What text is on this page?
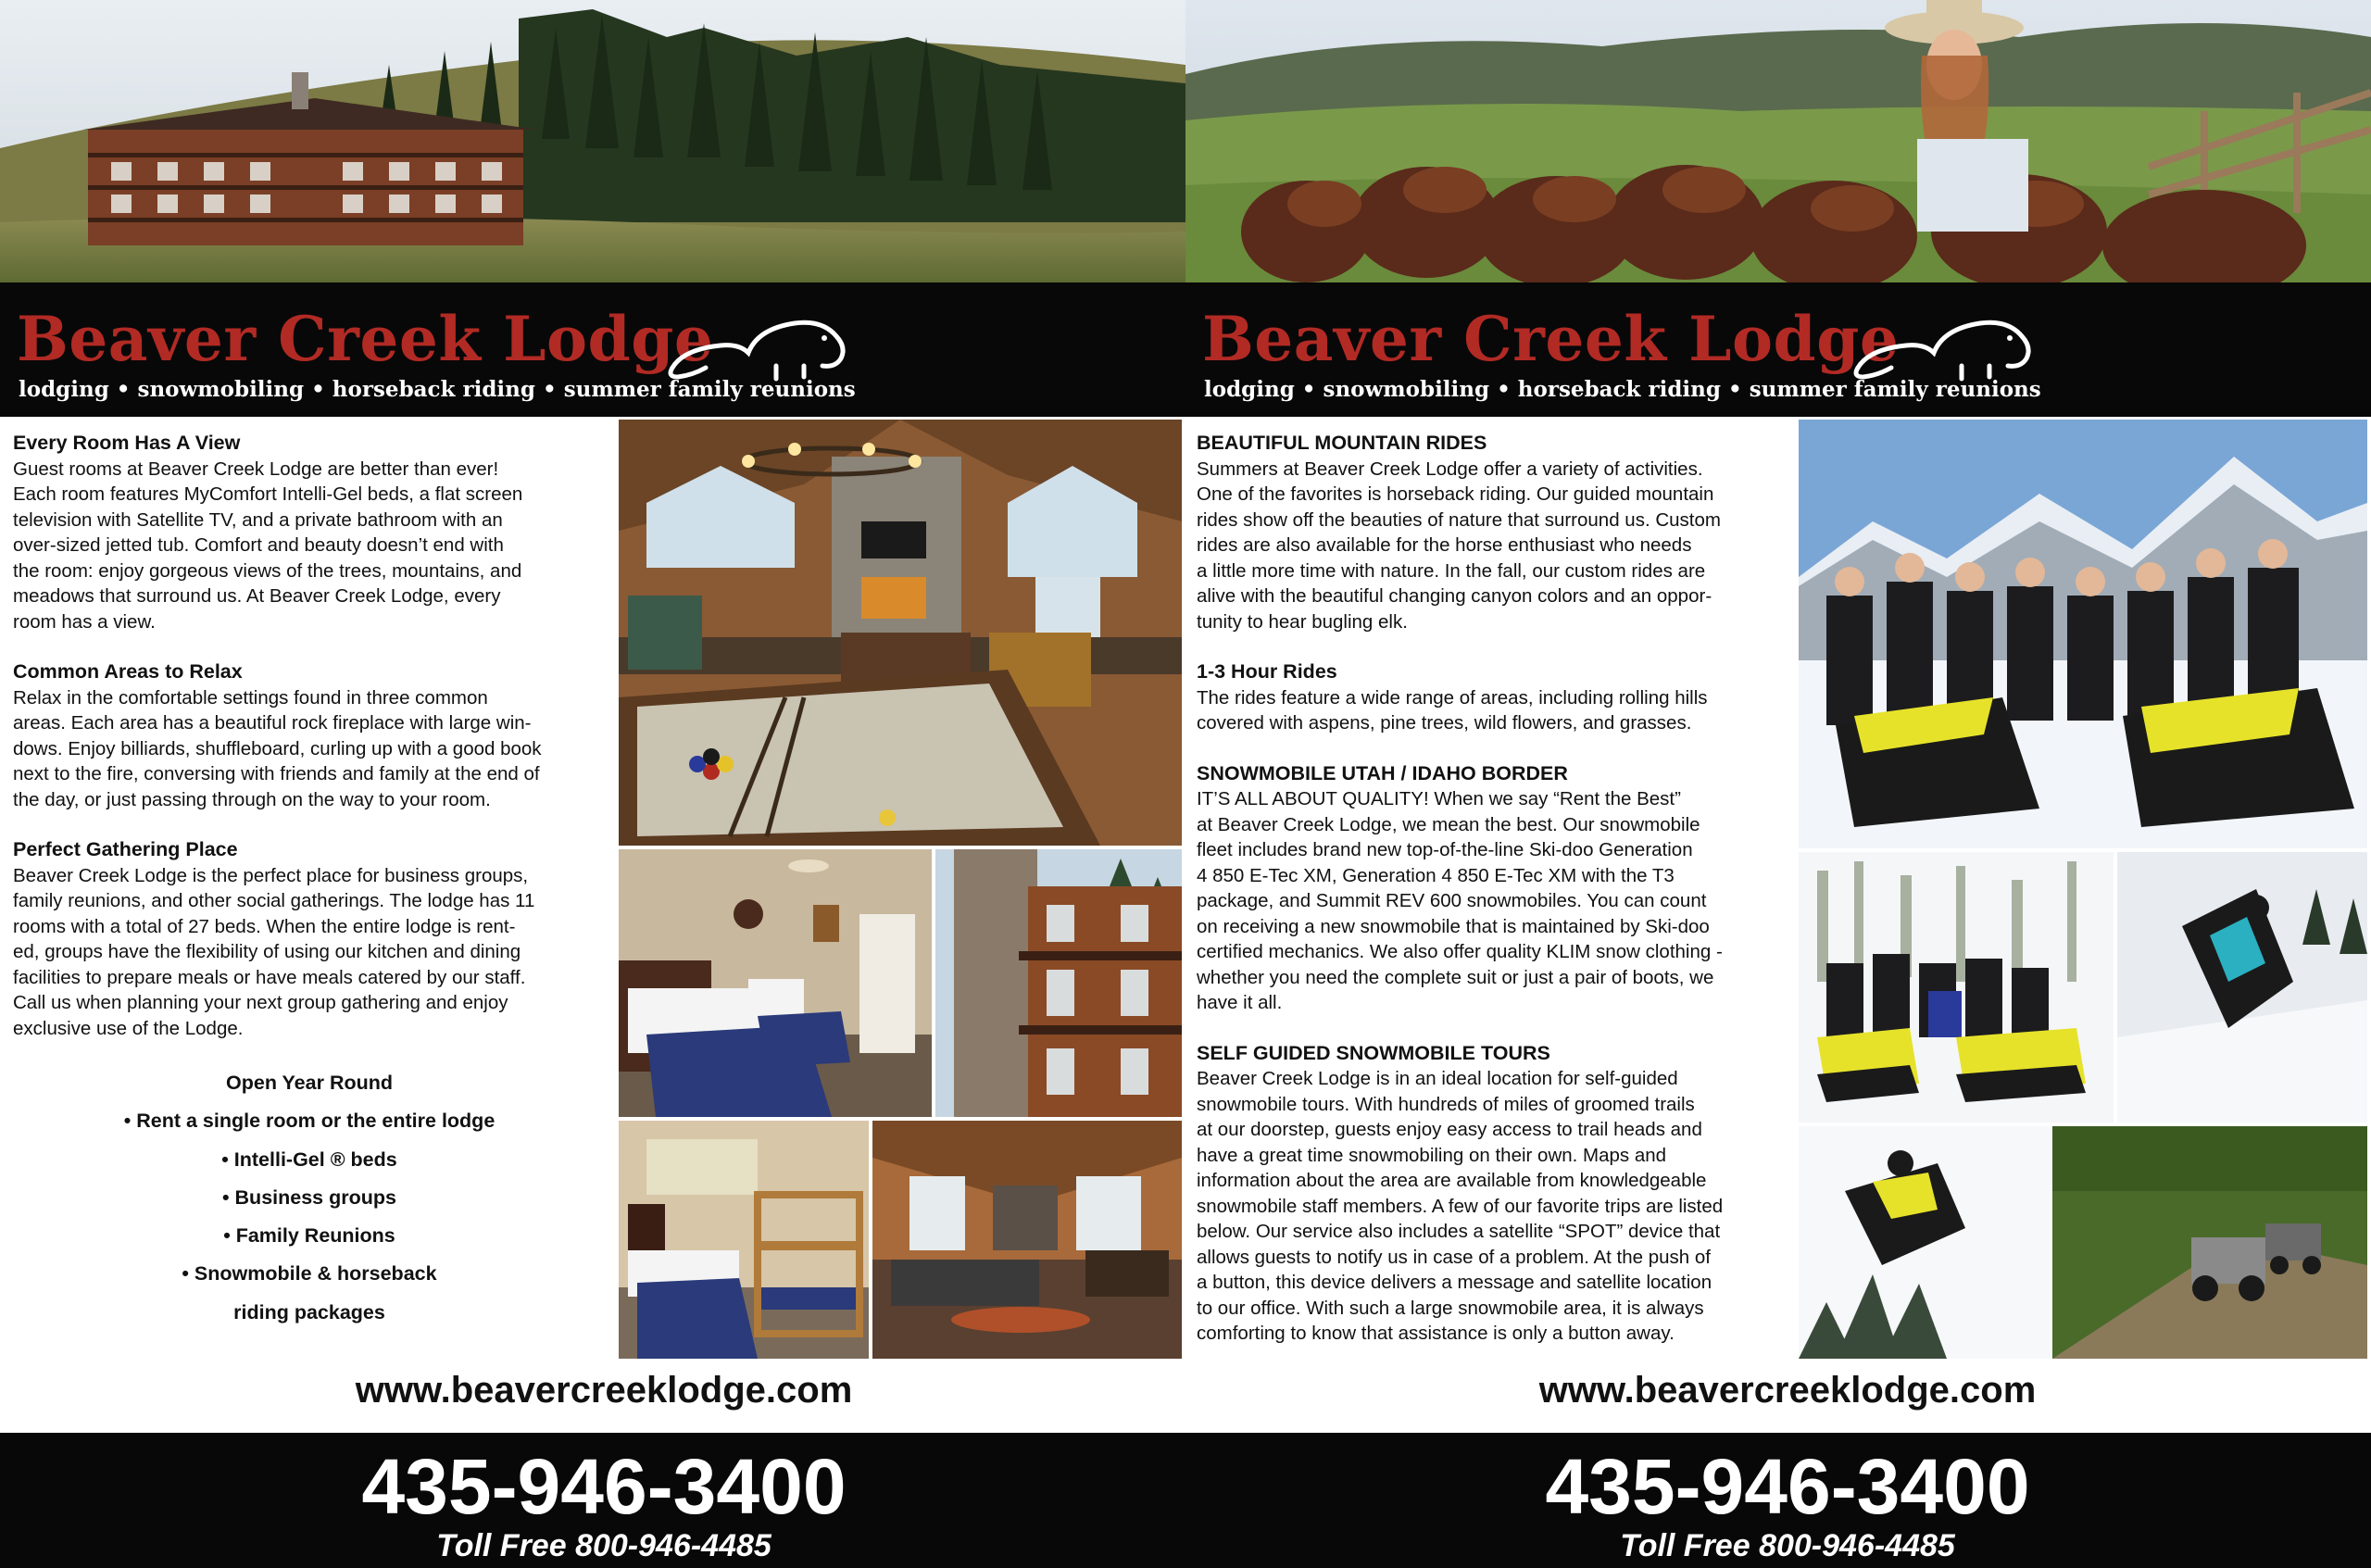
Beaver Creek Lodge
lodging • snowmobiling • horseback riding • summer family reunions
Every Room Has A View
Guest rooms at Beaver Creek Lodge are better than ever!
Each room features MyComfort Intelli-Gel beds, a flat screen
television with Satellite TV, and a private bathroom with an
over-sized jetted tub. Comfort and beauty doesn’t end with
the room: enjoy gorgeous views of the trees, mountains, and
meadows that surround us. At Beaver Creek Lodge, every
room has a view.
Common Areas to Relax
Relax in the comfortable settings found in three common
areas. Each area has a beautiful rock fireplace with large win-
dows. Enjoy billiards, shuffleboard, curling up with a good book
next to the fire, conversing with friends and family at the end of
the day, or just passing through on the way to your room.
Perfect Gathering Place
Beaver Creek Lodge is the perfect place for business groups,
family reunions, and other social gatherings. The lodge has 11
rooms with a total of 27 beds. When the entire lodge is rent-
ed, groups have the flexibility of using our kitchen and dining
facilities to prepare meals or have meals catered by our staff.
Call us when planning your next group gathering and enjoy
exclusive use of the Lodge.
Open Year Round
• Rent a single room or the entire lodge
• Intelli-Gel ® beds
• Business groups
• Family Reunions
• Snowmobile & horseback
riding packages
www.beavercreeklodge.com
435-946-3400
Toll Free 800-946-4485
Beaver Creek Lodge
lodging • snowmobiling • horseback riding • summer family reunions
BEAUTIFUL MOUNTAIN RIDES
Summers at Beaver Creek Lodge offer a variety of activities.
One of the favorites is horseback riding. Our guided mountain
rides show off the beauties of nature that surround us. Custom
rides are also available for the horse enthusiast who needs
a little more time with nature. In the fall, our custom rides are
alive with the beautiful changing canyon colors and an oppor-
tunity to hear bugling elk.
1-3 Hour Rides
The rides feature a wide range of areas, including rolling hills
covered with aspens, pine trees, wild flowers, and grasses.
SNOWMOBILE UTAH / IDAHO BORDER
IT’S ALL ABOUT QUALITY! When we say “Rent the Best”
at Beaver Creek Lodge, we mean the best. Our snowmobile
fleet includes brand new top-of-the-line Ski-doo Generation
4 850 E-Tec XM, Generation 4 850 E-Tec XM with the T3
package, and Summit REV 600 snowmobiles. You can count
on receiving a new snowmobile that is maintained by Ski-doo
certified mechanics. We also offer quality KLIM snow clothing -
whether you need the complete suit or just a pair of boots, we
have it all.
SELF GUIDED SNOWMOBILE TOURS
Beaver Creek Lodge is in an ideal location for self-guided
snowmobile tours. With hundreds of miles of groomed trails
at our doorstep, guests enjoy easy access to trail heads and
have a great time snowmobiling on their own. Maps and
information about the area are available from knowledgeable
snowmobile staff members. A few of our favorite trips are listed
below. Our service also includes a satellite “SPOT” device that
allows guests to notify us in case of a problem. At the push of
a button, this device delivers a message and satellite location
to our office. With such a large snowmobile area, it is always
comforting to know that assistance is only a button away.
www.beavercreeklodge.com
435-946-3400
Toll Free 800-946-4485
